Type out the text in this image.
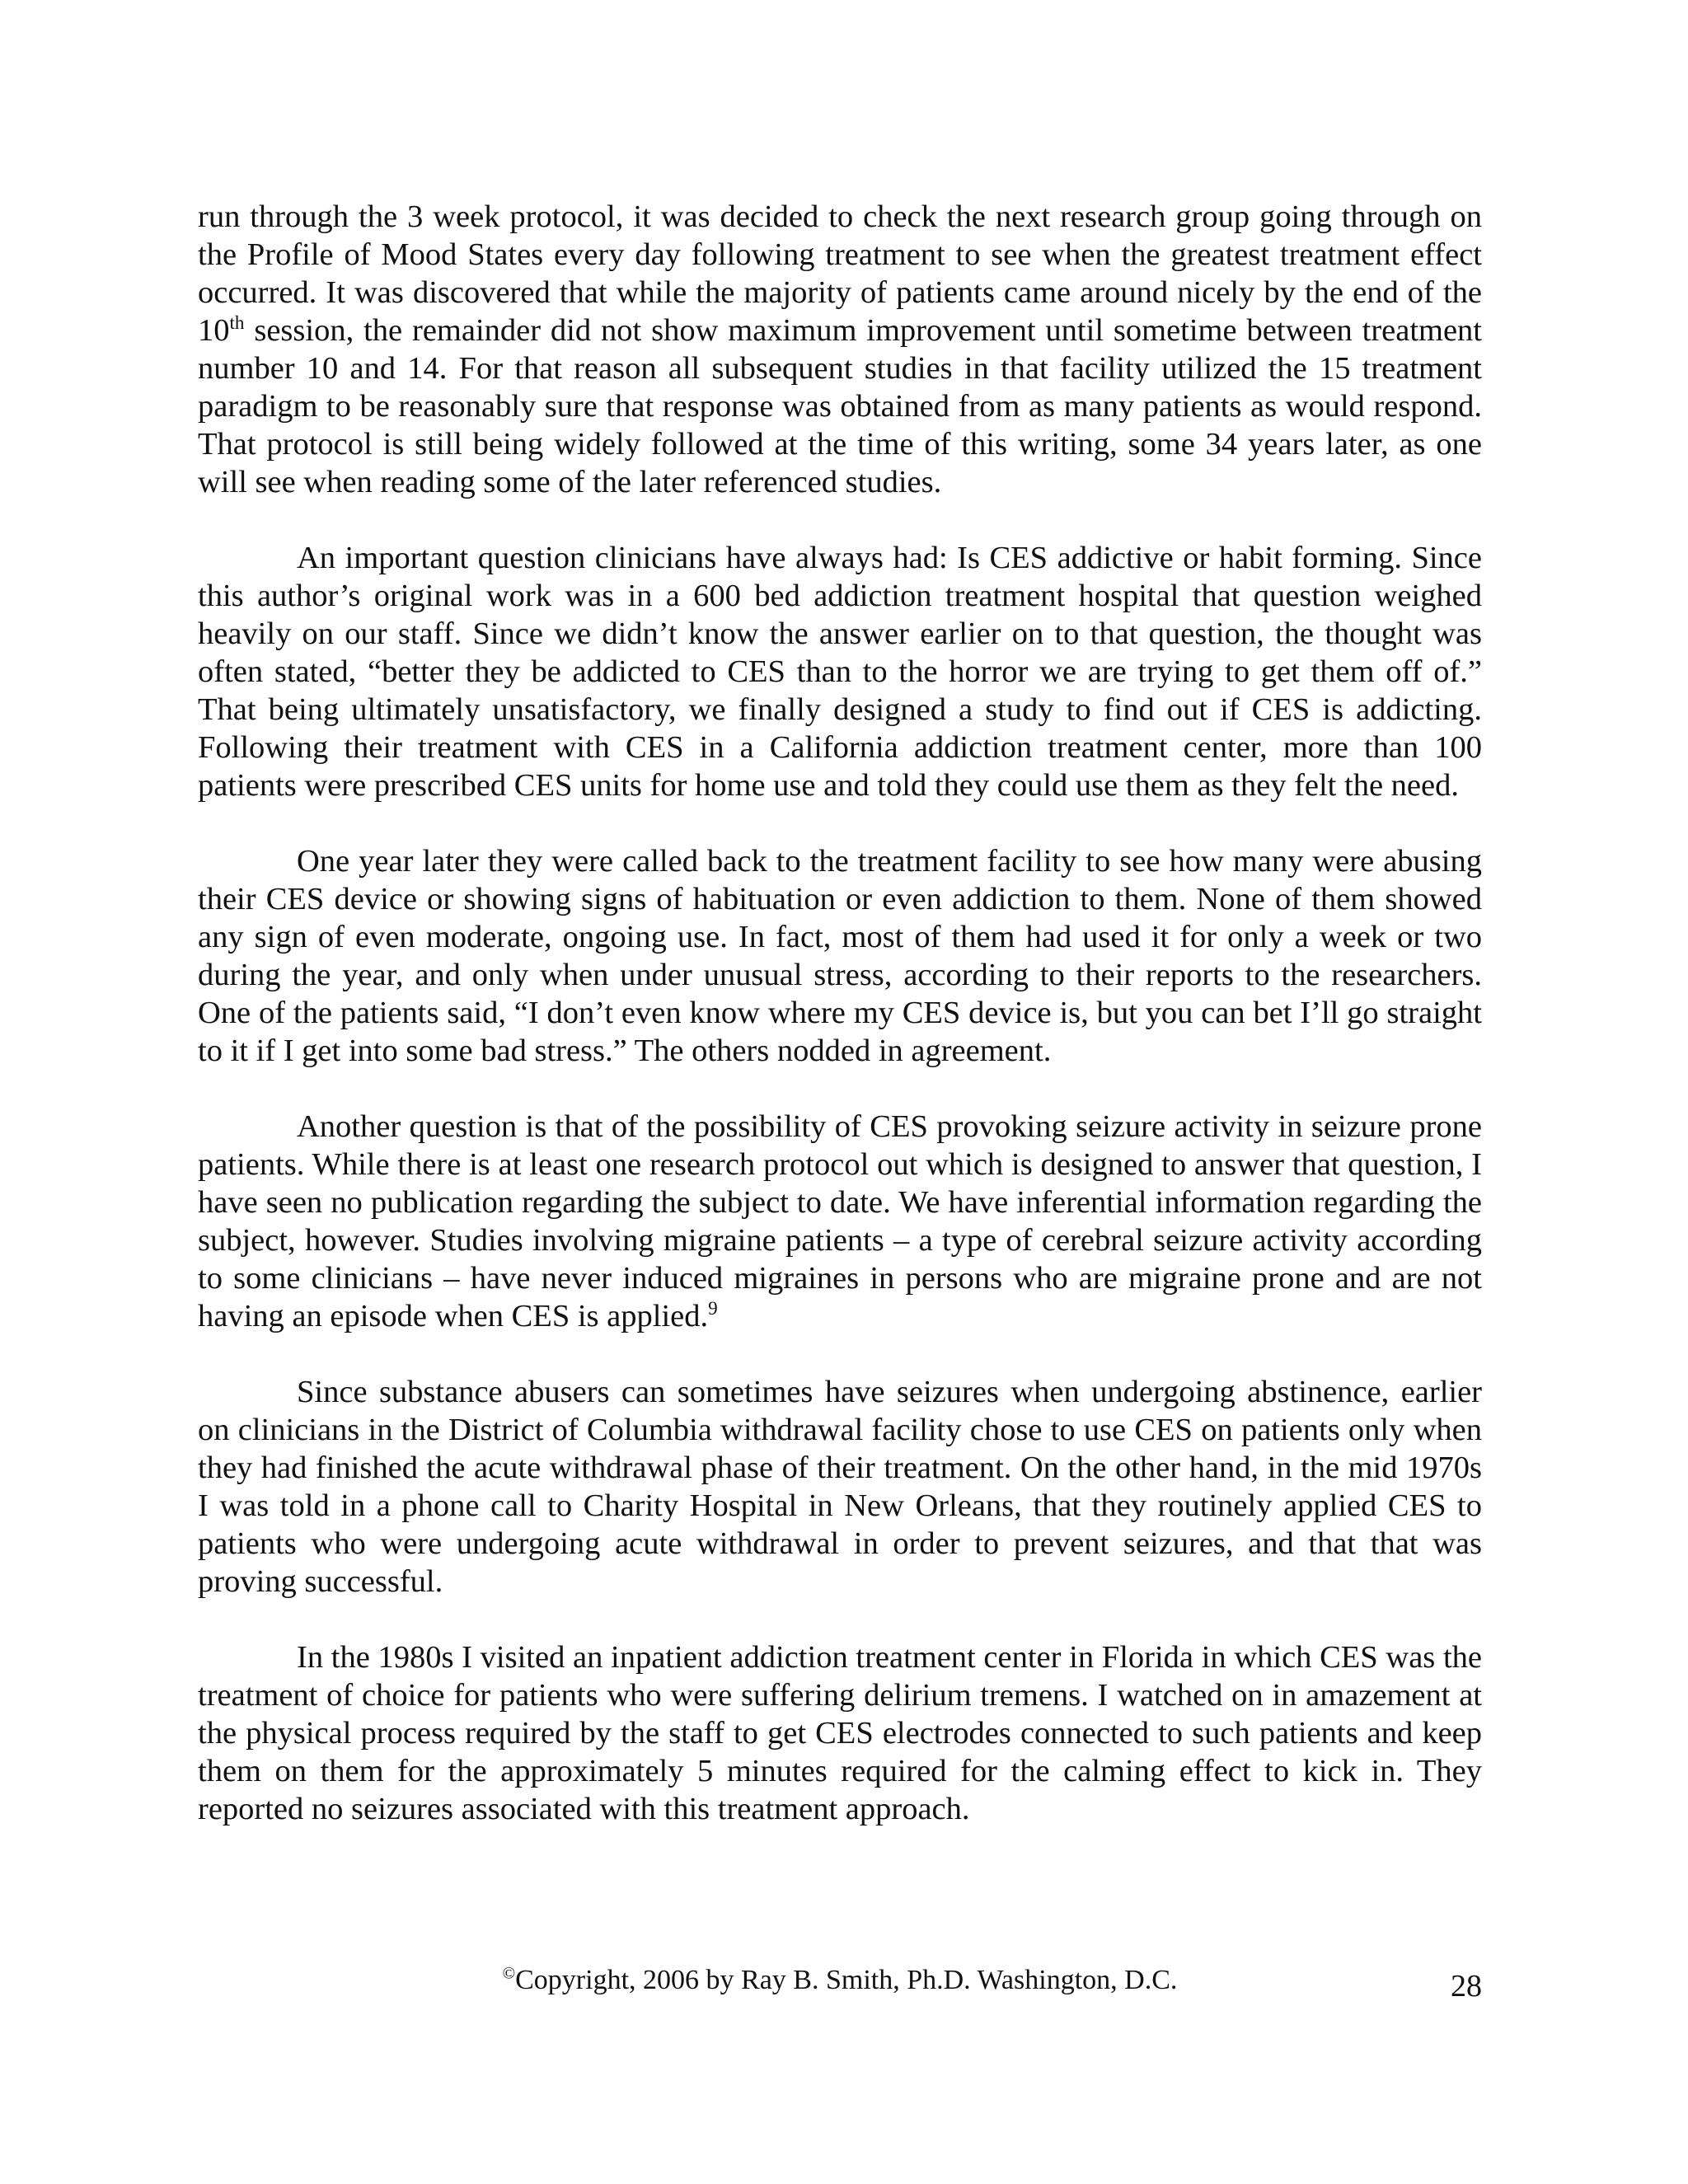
run through the 3 week protocol, it was decided to check the next research group going through on the Profile of Mood States every day following treatment to see when the greatest treatment effect occurred. It was discovered that while the majority of patients came around nicely by the end of the 10th session, the remainder did not show maximum improvement until sometime between treatment number 10 and 14. For that reason all subsequent studies in that facility utilized the 15 treatment paradigm to be reasonably sure that response was obtained from as many patients as would respond. That protocol is still being widely followed at the time of this writing, some 34 years later, as one will see when reading some of the later referenced studies.

An important question clinicians have always had: Is CES addictive or habit forming. Since this author’s original work was in a 600 bed addiction treatment hospital that question weighed heavily on our staff. Since we didn’t know the answer earlier on to that question, the thought was often stated, “better they be addicted to CES than to the horror we are trying to get them off of.” That being ultimately unsatisfactory, we finally designed a study to find out if CES is addicting. Following their treatment with CES in a California addiction treatment center, more than 100 patients were prescribed CES units for home use and told they could use them as they felt the need.

One year later they were called back to the treatment facility to see how many were abusing their CES device or showing signs of habituation or even addiction to them. None of them showed any sign of even moderate, ongoing use. In fact, most of them had used it for only a week or two during the year, and only when under unusual stress, according to their reports to the researchers. One of the patients said, “I don’t even know where my CES device is, but you can bet I’ll go straight to it if I get into some bad stress.” The others nodded in agreement.

Another question is that of the possibility of CES provoking seizure activity in seizure prone patients. While there is at least one research protocol out which is designed to answer that question, I have seen no publication regarding the subject to date. We have inferential information regarding the subject, however. Studies involving migraine patients – a type of cerebral seizure activity according to some clinicians – have never induced migraines in persons who are migraine prone and are not having an episode when CES is applied.$^9$

Since substance abusers can sometimes have seizures when undergoing abstinence, earlier on clinicians in the District of Columbia withdrawal facility chose to use CES on patients only when they had finished the acute withdrawal phase of their treatment. On the other hand, in the mid 1970s I was told in a phone call to Charity Hospital in New Orleans, that they routinely applied CES to patients who were undergoing acute withdrawal in order to prevent seizures, and that that was proving successful.

In the 1980s I visited an inpatient addiction treatment center in Florida in which CES was the treatment of choice for patients who were suffering delirium tremens. I watched on in amazement at the physical process required by the staff to get CES electrodes connected to such patients and keep them on them for the approximately 5 minutes required for the calming effect to kick in. They reported no seizures associated with this treatment approach.

©Copyright, 2006 by Ray B. Smith, Ph.D. Washington, D.C.	28
